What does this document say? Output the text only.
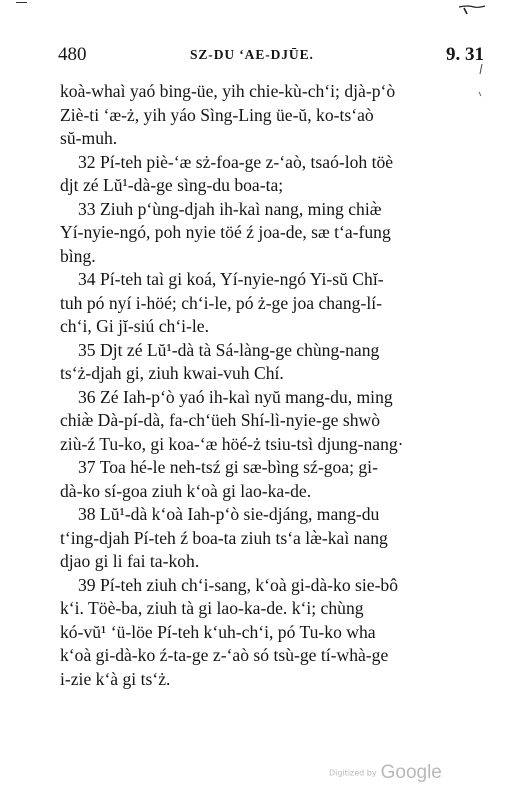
480	SZ-DU ‘AE-DJŪE.	9. 31
koà-whaì yaó bing-üe, yih chie-kù-ch‘i; djà-p‘ò
Ziè-ti ‘æ-ż, yih yáo Sìng-Ling üe-ŭ, ko-ts‘aò
sŭ-muh.
32 Pí-teh piè-‘æ sż-foa-ge z-‘aò, tsaó-loh töè
djt zé Lŭ¹-dà-ge sìng-du boa-ta;
33 Ziuh p‘ùng-djah ih-kaì nang, ming chiæ̀
Yí-nyie-ngó, poh nyie töé ź joa-de, sæ t‘a-fung
bìng.
34 Pí-teh taì gi koá, Yí-nyie-ngó Yi-sŭ Chĭ-
tuh pó nyí i-höé; ch‘i-le, pó ż-ge joa chang-lí-
ch‘i, Gi jĭ-siú ch‘i-le.
35 Djt zé Lŭ¹-dà tà Sá-làng-ge chùng-nang
ts‘ż-djah gi, ziuh kwai-vuh Chí.
36 Zé Iah-p‘ò yaó ih-kaì nyŭ mang-du, ming
chiæ̀ Dà-pí-dà, fa-ch‘üeh Shí-lì-nyie-ge shwò
ziù-ź Tu-ko, gi koa-‘æ höé-ż tsiu-tsì djung-nang·
37 Toa hé-le neh-tsź gi sæ-bìng sź-goa; gi-
dà-ko sí-goa ziuh k‘oà gi lao-ka-de.
38 Lŭ¹-dà k‘oà Iah-p‘ò sie-djáng, mang-du
t‘ing-djah Pí-teh ź boa-ta ziuh ts‘a læ̀-kaì nang
djao gi li fai ta-koh.
39 Pí-teh ziuh ch‘i-sang, k‘oà gi-dà-ko sie-bô
k‘i. Töè-ba, ziuh tà gi lao-ka-de. k‘i; chùng
kó-vŭ¹ ‘ü-löe Pí-teh k‘uh-ch‘i, pó Tu-ko wha
k‘oà gi-dà-ko ź-ta-ge z-‘aò só tsù-ge tí-whà-ge
i-zie k‘à gi ts‘ż.
Digitized by Google
